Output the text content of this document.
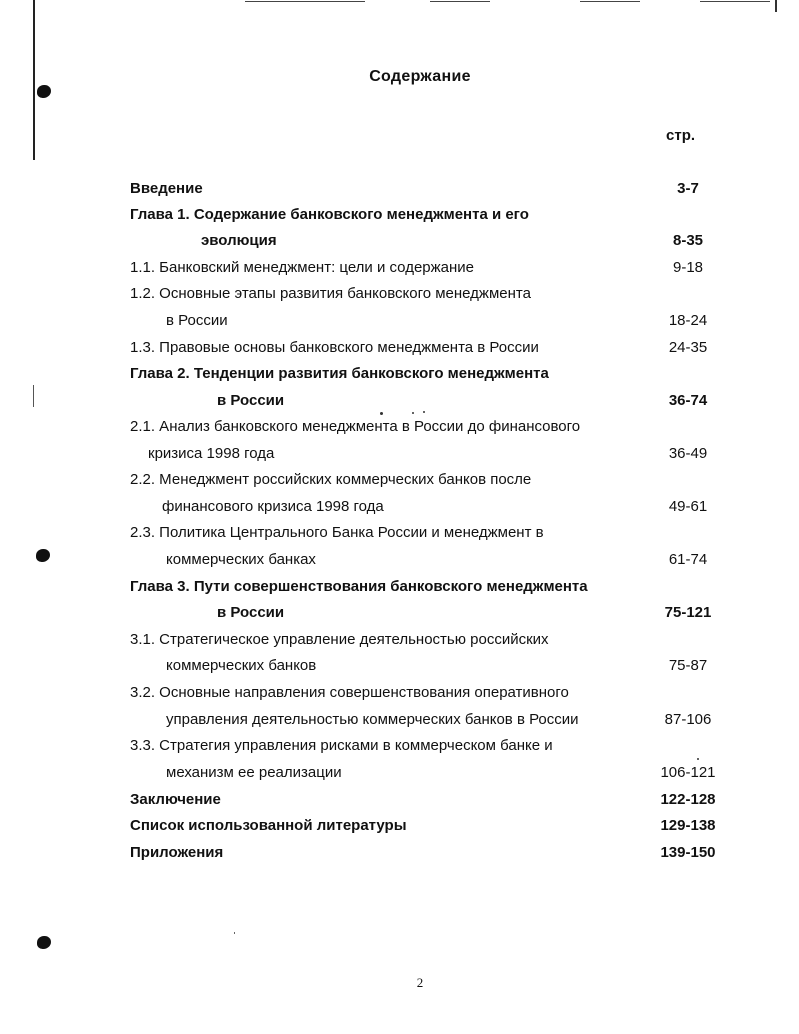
Содержание
стр.
Введение	3-7
Глава 1. Содержание банковского менеджмента и его
эволюция	8-35
1.1. Банковский менеджмент: цели и содержание	9-18
1.2. Основные этапы развития банковского менеджмента
в России	18-24
1.3. Правовые основы банковского менеджмента в России	24-35
Глава 2. Тенденции развития банковского менеджмента
в России	36-74
2.1. Анализ банковского менеджмента в России до финансового
кризиса 1998 года	36-49
2.2. Менеджмент российских коммерческих банков после
финансового кризиса 1998 года	49-61
2.3. Политика Центрального Банка России и менеджмент в
коммерческих банках	61-74
Глава 3. Пути совершенствования банковского менеджмента
в России	75-121
3.1. Стратегическое управление деятельностью российских
коммерческих банков	75-87
3.2. Основные направления совершенствования оперативного
управления деятельностью коммерческих банков в России	87-106
3.3. Стратегия управления рисками в коммерческом банке и
механизм ее реализации	106-121
Заключение	122-128
Список использованной литературы	129-138
Приложения	139-150
2
